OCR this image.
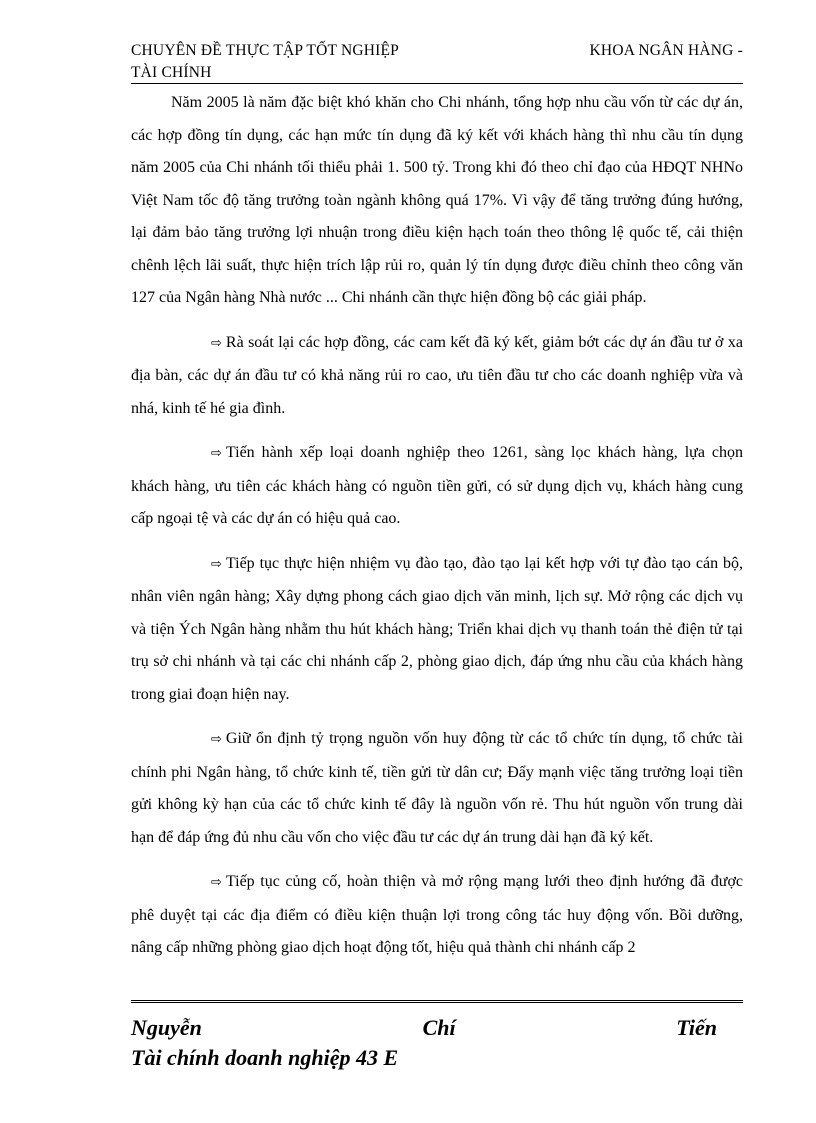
CHUYÊN ĐỀ THỰC TẬP TỐT NGHIỆP	KHOA NGÂN HÀNG -
TÀI CHÍNH

Năm 2005 là năm đặc biệt khó khăn cho Chi nhánh, tổng hợp nhu cầu vốn từ các dự án, các hợp đồng tín dụng, các hạn mức tín dụng đã ký kết với khách hàng thì nhu cầu tín dụng năm 2005 của Chi nhánh tối thiểu phải 1. 500 tỷ. Trong khi đó theo chỉ đạo của HĐQT NHNo Việt Nam tốc độ tăng trưởng toàn ngành không quá 17%. Vì vậy để tăng trưởng đúng hướng, lại đảm bảo tăng trưởng lợi nhuận trong điều kiện hạch toán theo thông lệ quốc tế, cải thiện chênh lệch lãi suất, thực hiện trích lập rủi ro, quản lý tín dụng được điều chỉnh theo công văn 127 của Ngân hàng Nhà nước ... Chi nhánh cần thực hiện đồng bộ các giải pháp.

⇨ Rà soát lại các hợp đồng, các cam kết đã ký kết, giảm bớt các dự án đầu tư ở xa địa bàn, các dự án đầu tư có khả năng rủi ro cao, ưu tiên đầu tư cho các doanh nghiệp vừa và nhá, kinh tế hé gia đình.

⇨ Tiến hành xếp loại doanh nghiệp theo 1261, sàng lọc khách hàng, lựa chọn khách hàng, ưu tiên các khách hàng có nguồn tiền gửi, có sử dụng dịch vụ, khách hàng cung cấp ngoại tệ và các dự án có hiệu quả cao.

⇨ Tiếp tục thực hiện nhiệm vụ đào tạo, đào tạo lại kết hợp với tự đào tạo cán bộ, nhân viên ngân hàng; Xây dựng phong cách giao dịch văn minh, lịch sự. Mở rộng các dịch vụ và tiện Ých Ngân hàng nhằm thu hút khách hàng; Triển khai dịch vụ thanh toán thẻ điện tử tại trụ sở chi nhánh và tại các chi nhánh cấp 2, phòng giao dịch, đáp ứng nhu cầu của khách hàng trong giai đoạn hiện nay.

⇨ Giữ ổn định tỷ trọng nguồn vốn huy động từ các tổ chức tín dụng, tổ chức tài chính phi Ngân hàng, tổ chức kinh tế, tiền gửi từ dân cư; Đẩy mạnh việc tăng trưởng loại tiền gửi không kỳ hạn của các tổ chức kinh tế đây là nguồn vốn rẻ. Thu hút nguồn vốn trung dài hạn để đáp ứng đủ nhu cầu vốn cho việc đầu tư các dự án trung dài hạn đã ký kết.

⇨ Tiếp tục củng cố, hoàn thiện và mở rộng mạng lưới theo định hướng đã được phê duyệt tại các địa điểm có điều kiện thuận lợi trong công tác huy động vốn. Bồi dưỡng, nâng cấp những phòng giao dịch hoạt động tốt, hiệu quả thành chi nhánh cấp 2

Nguyễn	Chí	Tiến
Tài chính doanh nghiệp 43 E
